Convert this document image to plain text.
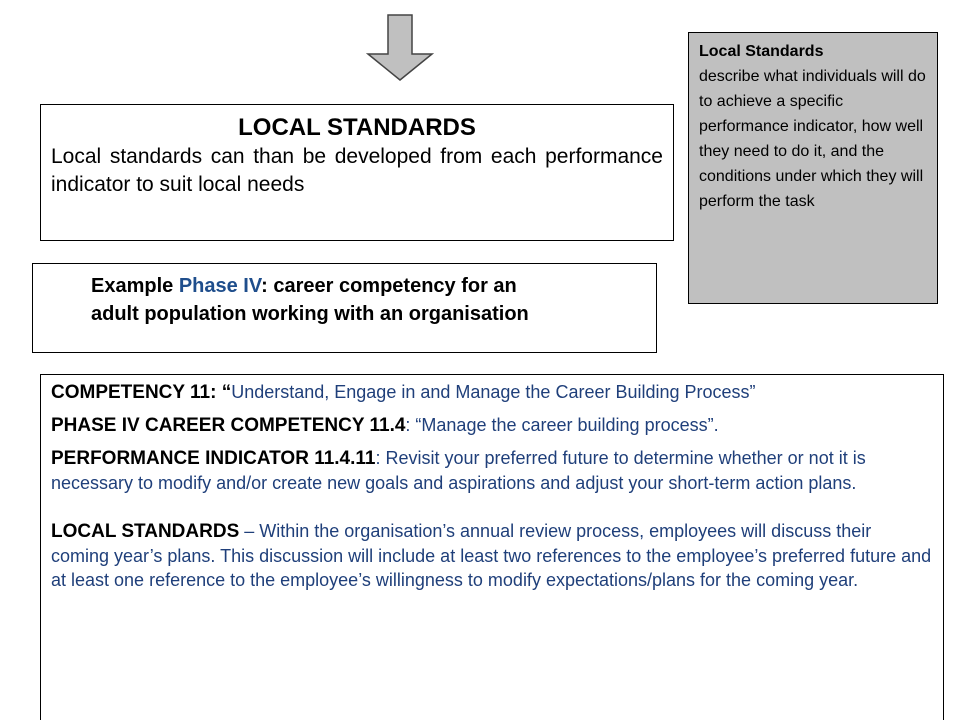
LOCAL STANDARDS
Local standards can than be developed from each performance indicator to suit local needs
Example Phase IV: career competency for an
adult population working with an organisation
Local Standards
describe what individuals will do to achieve a specific performance indicator, how well they need to do it, and the conditions under which they will perform the task

COMPETENCY 11: “Understand, Engage in and Manage the Career Building Process”

PHASE IV CAREER COMPETENCY 11.4: “Manage the career building process”.

PERFORMANCE INDICATOR 11.4.11: Revisit your preferred future to determine whether or not it is necessary to modify and/or create new goals and aspirations and adjust your short-term action plans.

LOCAL STANDARDS – Within the organisation’s annual review process, employees will discuss their coming year’s plans. This discussion will include at least two references to the employee’s preferred future and at least one reference to the employee’s willingness to modify expectations/plans for the coming year.
